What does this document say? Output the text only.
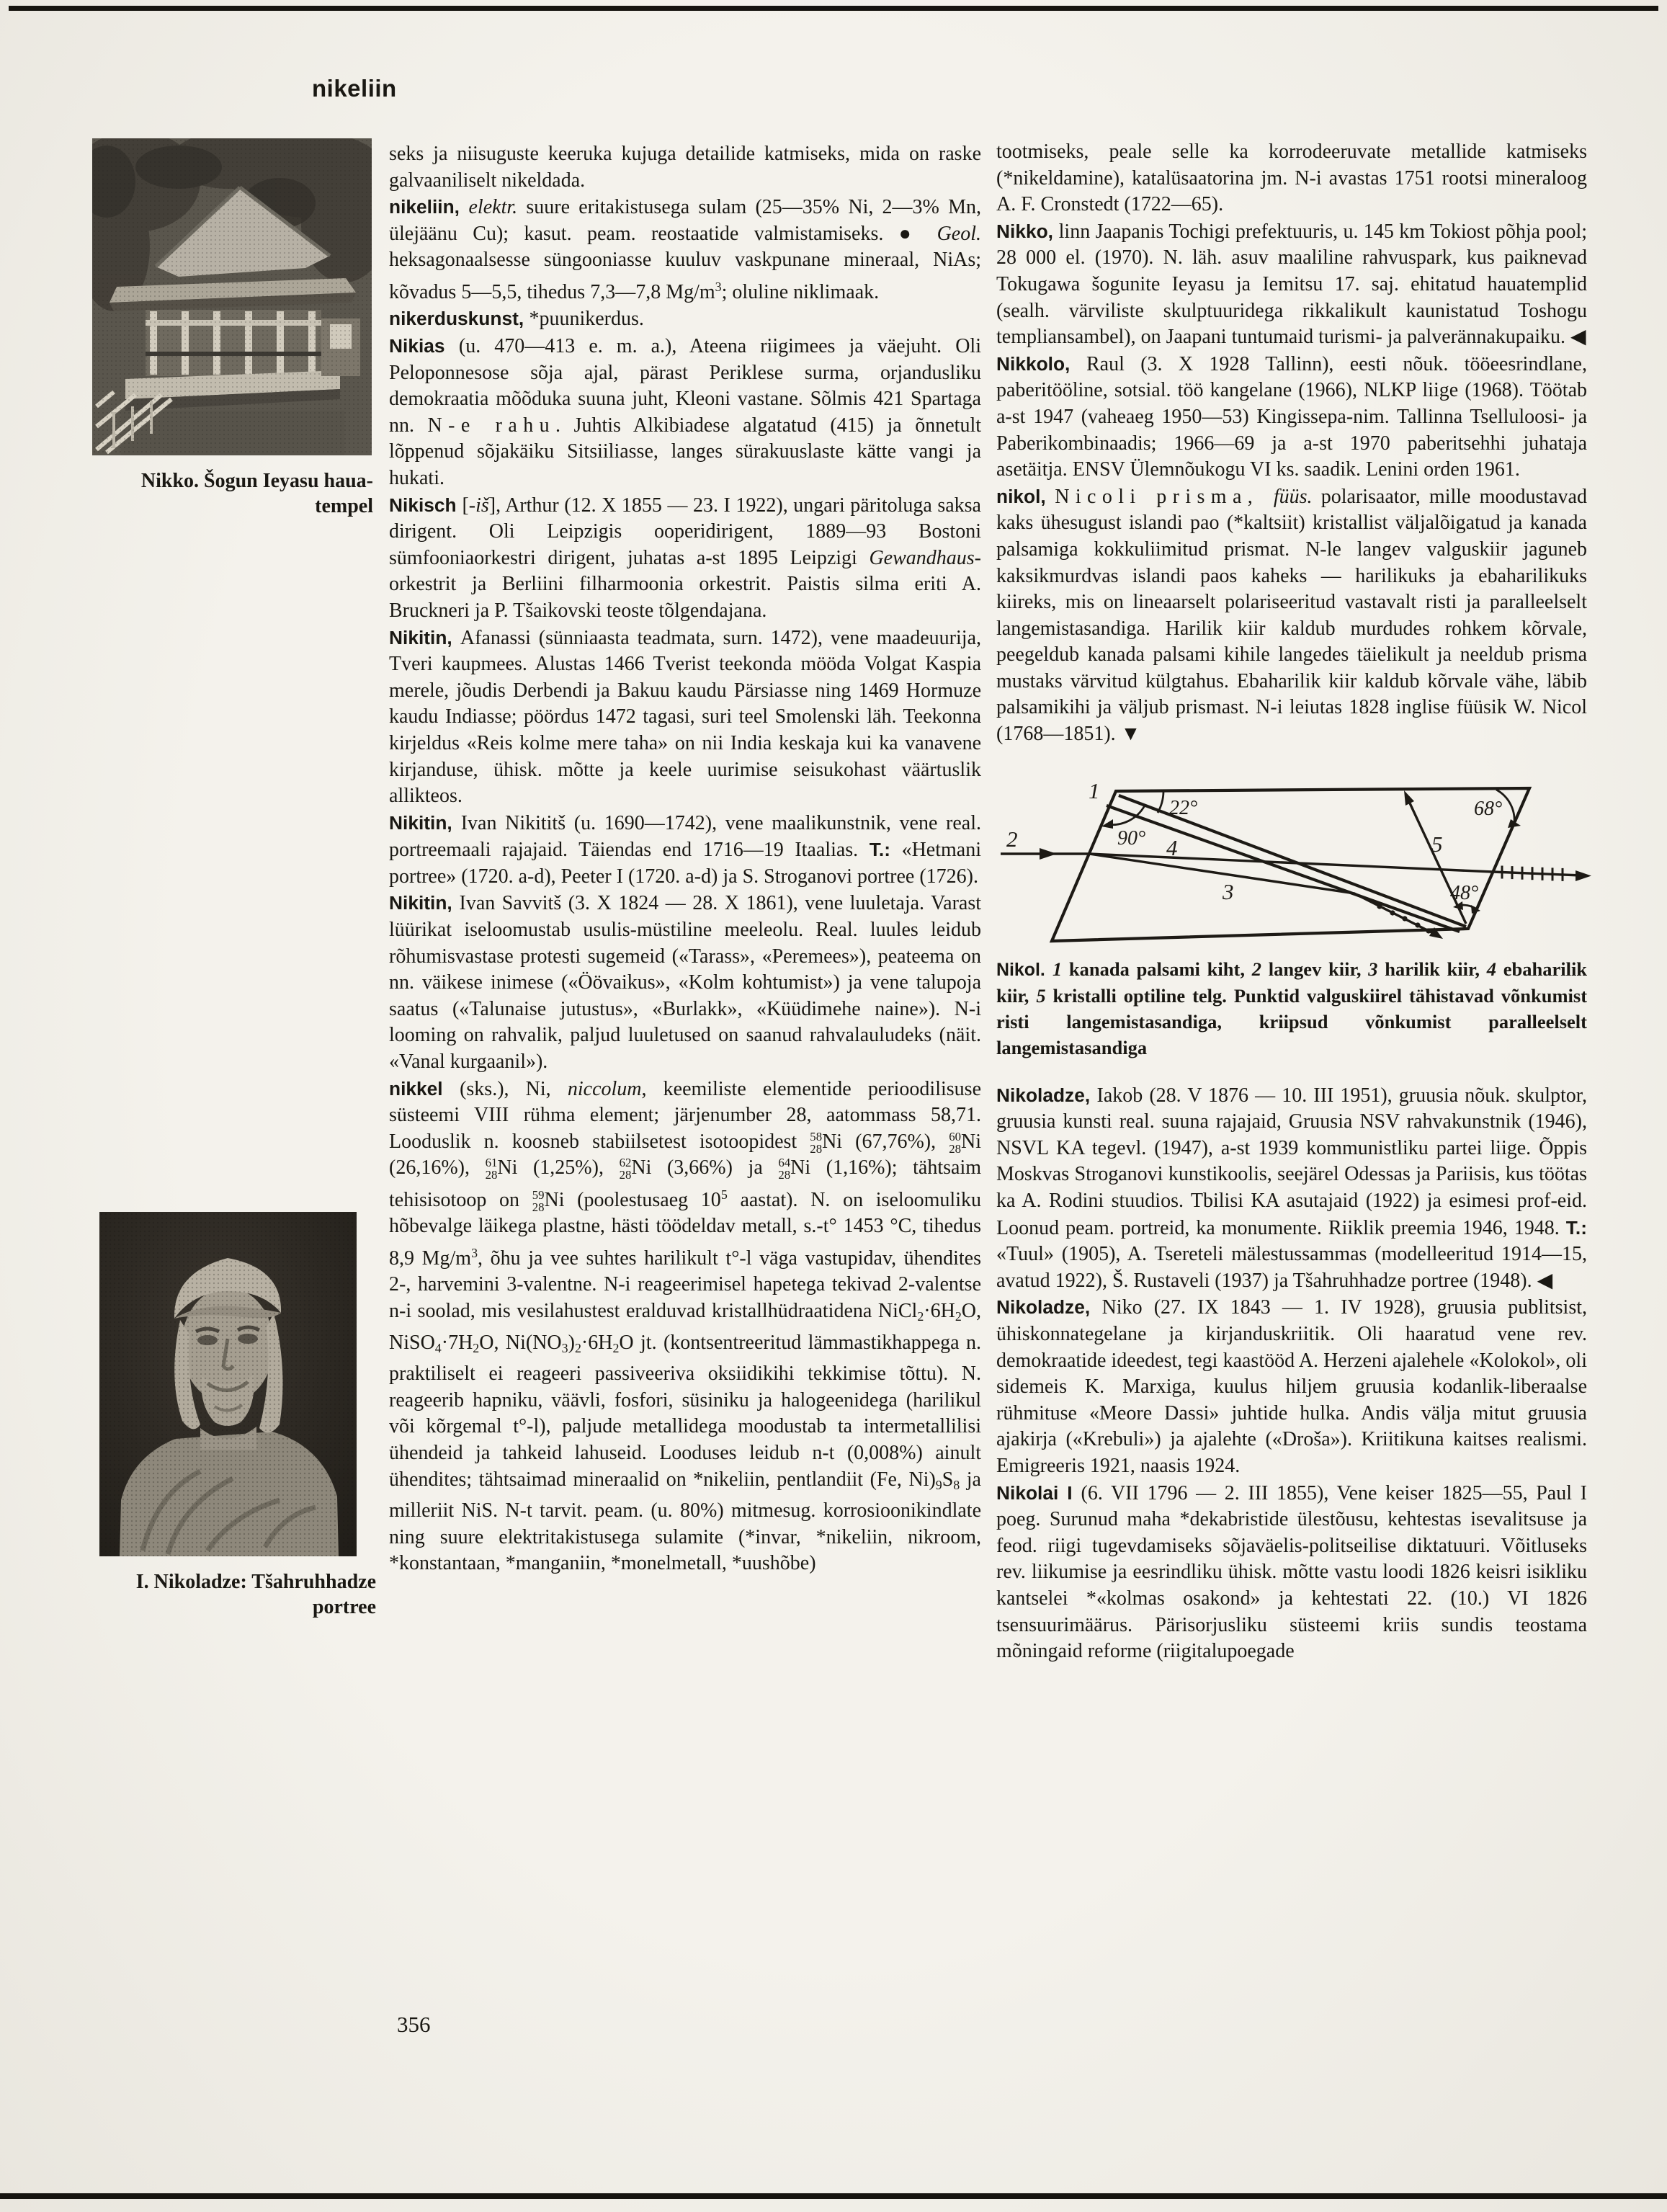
nikeliin
Nikko. Šogun Ieyasu haua-
tempel
I. Nikoladze: Tšahruhhadze
portree

seks ja niisuguste keeruka kujuga detailide katmiseks, mida on raske galvaaniliselt nikeldada.

nikeliin, elektr. suure eritakistusega sulam (25—35% Ni, 2—3% Mn, ülejäänu Cu); kasut. peam. reostaatide valmistamiseks. ● Geol. heksagonaalsesse süngooniasse kuuluv vaskpunane mineraal, NiAs; kõvadus 5—5,5, tihedus 7,3—7,8 $Mg/m^3$; oluline niklimaak.

nikerduskunst, *puunikerdus.

Nikias (u. 470—413 e. m. a.), Ateena riigimees ja väejuht. Oli Peloponnesose sõja ajal, pärast Periklese surma, orjandusliku demokraatia mõõduka suuna juht, Kleoni vastane. Sõlmis 421 Spartaga nn. N-e rahu. Juhtis Alkibiadese algatatud (415) ja õnnetult lõppenud sõjakäiku Sitsiiliasse, langes sürakuuslaste kätte vangi ja hukati.

Nikisch [-iš], Arthur (12. X 1855 — 23. I 1922), ungari päritoluga saksa dirigent. Oli Leipzigis ooperidirigent, 1889—93 Bostoni sümfooniaorkestri dirigent, juhatas a-st 1895 Leipzigi Gewandhaus-orkestrit ja Berliini filharmoonia orkestrit. Paistis silma eriti A. Bruckneri ja P. Tšaikovski teoste tõlgendajana.

Nikitin, Afanassi (sünniaasta teadmata, surn. 1472), vene maadeuurija, Tveri kaupmees. Alustas 1466 Tverist teekonda mööda Volgat Kaspia merele, jõudis Derbendi ja Bakuu kaudu Pärsiasse ning 1469 Hormuze kaudu Indiasse; pöördus 1472 tagasi, suri teel Smolenski läh. Teekonna kirjeldus «Reis kolme mere taha» on nii India keskaja kui ka vanavene kirjanduse, ühisk. mõtte ja keele uurimise seisukohast väärtuslik allikteos.

Nikitin, Ivan Nikititš (u. 1690—1742), vene maalikunstnik, vene real. portreemaali rajajaid. Täiendas end 1716—19 Itaalias. T.: «Hetmani portree» (1720. a-d), Peeter I (1720. a-d) ja S. Stroganovi portree (1726).

Nikitin, Ivan Savvitš (3. X 1824 — 28. X 1861), vene luuletaja. Varast lüürikat iseloomustab usulis-müstiline meeleolu. Real. luules leidub rõhumisvastase protesti sugemeid («Tarass», «Peremees»), peateema on nn. väikese inimese («Öövaikus», «Kolm kohtumist») ja vene talupoja saatus («Talunaise jutustus», «Burlakk», «Küüdimehe naine»). N-i looming on rahvalik, paljud luuletused on saanud rahvalauludeks (näit. «Vanal kurgaanil»).

nikkel (sks.), Ni, niccolum, keemiliste elementide perioodilisuse süsteemi VIII rühma element; järjenumber 28, aatommass 58,71. Looduslik n. koosneb stabiilsetest isotoopidest 58
28 Ni (67,76%), 60
28 Ni (26,16%), 61
28 Ni (1,25%), 62
28 Ni (3,66%) ja 64
28 Ni (1,16%); tähtsaim tehisisotoop on 59
28 Ni (poolestusaeg $10^5$ aastat). N. on iseloomuliku hõbevalge läikega plastne, hästi töödeldav metall, s.-t° 1453 °C, tihedus 8,9 $Mg/m^3$, õhu ja vee suhtes harilikult t°-l väga vastupidav, ühendites 2-, harvemini 3-valentne. N-i reageerimisel hapetega tekivad 2-valentse n-i soolad, mis vesilahustest eralduvad kristallhüdraatidena NiCl2·6H2O, NiSO4·7H2O, Ni(NO3)2·6H2O jt. (kontsentreeritud lämmastikhappega n. praktiliselt ei reageeri passiveeriva oksiidikihi tekkimise tõttu). N. reageerib hapniku, väävli, fosfori, süsiniku ja halogeenidega (harilikul või kõrgemal t°-l), paljude metallidega moodustab ta intermetallilisi ühendeid ja tahkeid lahuseid. Looduses leidub n-t (0,008%) ainult ühendites; tähtsaimad mineraalid on *nikeliin, pentlandiit (Fe, Ni)9S8 ja milleriit NiS. N-t tarvit. peam. (u. 80%) mitmesug. korrosioonikindlate ning suure elektritakistusega sulamite (*invar, *nikeliin, nikroom, *konstantaan, *manganiin, *monelmetall, *uushõbe)

tootmiseks, peale selle ka korrodeeruvate metallide katmiseks (*nikeldamine), katalüsaatorina jm. N-i avastas 1751 rootsi mineraloog A. F. Cronstedt (1722—65).

Nikko, linn Jaapanis Tochigi prefektuuris, u. 145 km Tokiost põhja pool; 28 000 el. (1970). N. läh. asuv maaliline rahvuspark, kus paiknevad Tokugawa šogunite Ieyasu ja Iemitsu 17. saj. ehitatud hauatemplid (sealh. värviliste skulptuuridega rikkalikult kaunistatud Toshogu templiansambel), on Jaapani tuntumaid turismi- ja palverännakupaiku. ◀

Nikkolo, Raul (3. X 1928 Tallinn), eesti nõuk. tööeesrindlane, paberitööline, sotsial. töö kangelane (1966), NLKP liige (1968). Töötab a-st 1947 (vaheaeg 1950—53) Kingissepa-nim. Tallinna Tselluloosi- ja Paberikombinaadis; 1966—69 ja a-st 1970 paberitsehhi juhataja asetäitja. ENSV Ülemnõukogu VI ks. saadik. Lenini orden 1961.

nikol, Nicoli prisma, füüs. polarisaator, mille moodustavad kaks ühesugust islandi pao (*kaltsiit) kristallist väljalõigatud ja kanada palsamiga kokkuliimitud prismat. N-le langev valguskiir jaguneb kaksikmurdvas islandi paos kaheks — harilikuks ja ebaharilikuks kiireks, mis on lineaarselt polariseeritud vastavalt risti ja paralleelselt langemistasandiga. Harilik kiir kaldub murdudes rohkem kõrvale, peegeldub kanada palsami kihile langedes täielikult ja neeldub prisma mustaks värvitud külgtahus. Ebaharilik kiir kaldub kõrvale vähe, läbib palsamikihi ja väljub prismast. N-i leiutas 1828 inglise füüsik W. Nicol (1768—1851). ▼

1
2
3
4	5
22°
90°
68°
48°

Nikol. 1 kanada palsami kiht, 2 langev kiir, 3 harilik kiir, 4 ebaharilik kiir, 5 kristalli optiline telg. Punktid valguskiirel tähistavad võnkumist risti langemistasandiga, kriipsud võnkumist paralleelselt langemistasandiga

Nikoladze, Iakob (28. V 1876 — 10. III 1951), gruusia nõuk. skulptor, gruusia kunsti real. suuna rajajaid, Gruusia NSV rahvakunstnik (1946), NSVL KA tegevl. (1947), a-st 1939 kommunistliku partei liige. Õppis Moskvas Stroganovi kunstikoolis, seejärel Odessas ja Pariisis, kus töötas ka A. Rodini stuudios. Tbilisi KA asutajaid (1922) ja esimesi prof-eid. Loonud peam. portreid, ka monumente. Riiklik preemia 1946, 1948. T.: «Tuul» (1905), A. Tsereteli mälestussammas (modelleeritud 1914—15, avatud 1922), Š. Rustaveli (1937) ja Tšahruhhadze portree (1948). ◀

Nikoladze, Niko (27. IX 1843 — 1. IV 1928), gruusia publitsist, ühiskonnategelane ja kirjanduskriitik. Oli haaratud vene rev. demokraatide ideedest, tegi kaastööd A. Herzeni ajalehele «Kolokol», oli sidemeis K. Marxiga, kuulus hiljem gruusia kodanlik-liberaalse rühmituse «Meore Dassi» juhtide hulka. Andis välja mitut gruusia ajakirja («Krebuli») ja ajalehte («Droša»). Kriitikuna kaitses realismi. Emigreeris 1921, naasis 1924.

Nikolai I (6. VII 1796 — 2. III 1855), Vene keiser 1825—55, Paul I poeg. Surunud maha *dekabristide ülestõusu, kehtestas isevalitsuse ja feod. riigi tugevdamiseks sõjaväelis-politseilise diktatuuri. Võitluseks rev. liikumise ja eesrindliku ühisk. mõtte vastu loodi 1826 keisri isikliku kantselei *«kolmas osakond» ja kehtestati 22. (10.) VI 1826 tsensuurimäärus. Pärisorjusliku süsteemi kriis sundis teostama mõningaid reforme (riigitalupoegade

356
